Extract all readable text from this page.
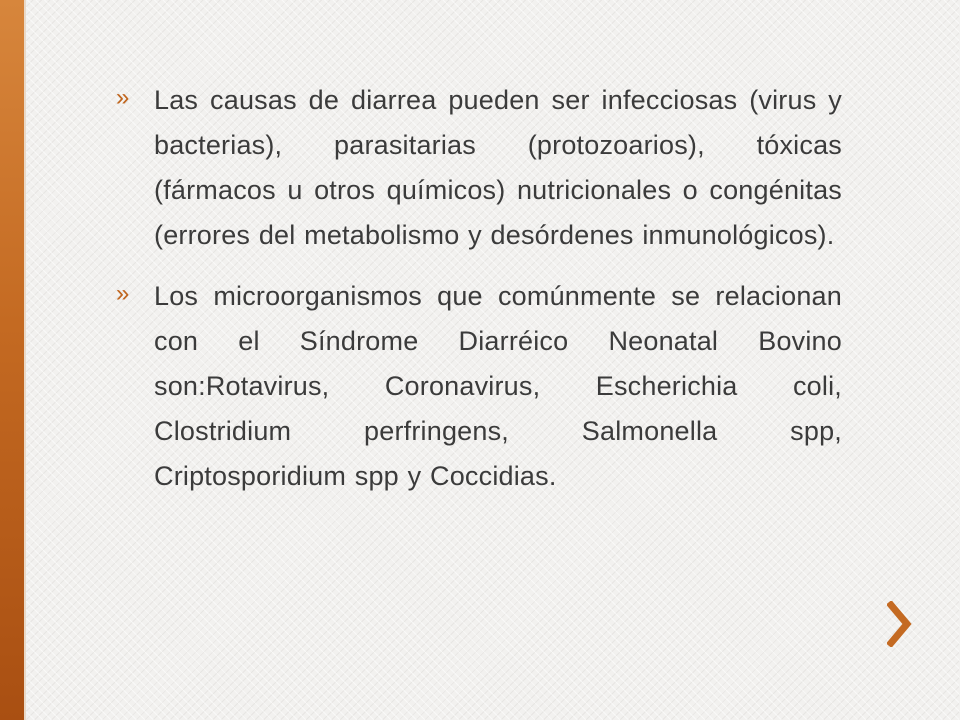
» Las causas de diarrea pueden ser infecciosas (virus y bacterias), parasitarias (protozoarios), tóxicas (fármacos u otros químicos) nutricionales o congénitas (errores del metabolismo y desórdenes inmunológicos).
» Los microorganismos que comúnmente se relacionan con el Síndrome Diarréico Neonatal Bovino son:Rotavirus, Coronavirus, Escherichia coli, Clostridium perfringens, Salmonella spp, Criptosporidium spp y Coccidias.
